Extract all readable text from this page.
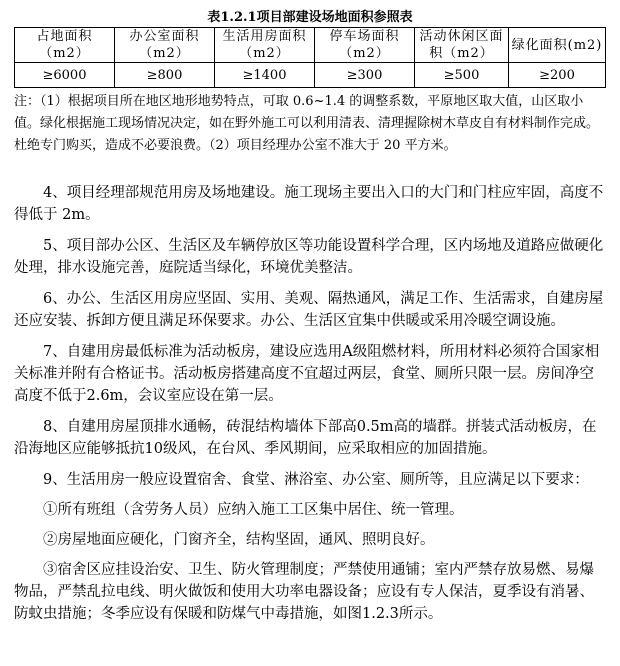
表1.2.1项目部建设场地面积参照表
占地面积（m2）	办公室面积（m2）	生活用房面积（m2）	停车场面积（m2）	活动休闲区面积（m2）	绿化面积(m2)
≥6000	≥800	≥1400	≥300	≥500	≥200

注：（1）根据项目所在地区地形地势特点，可取 0.6~1.4 的调整系数，平原地区取大值，山区取小

值。绿化根据施工现场情况决定，如在野外施工可以利用清表、清理握除树木草皮自有材料制作完成。

杜绝专门购买，造成不必要浪费。（2）项目经理办公室不准大于 20 平方米。

4、项目经理部规范用房及场地建设。施工现场主要出入口的大门和门柱应牢固，高度不得低于 2m。

5、项目部办公区、生活区及车辆停放区等功能设置科学合理，区内场地及道路应做硬化处理，排水设施完善，庭院适当绿化，环境优美整洁。

6、办公、生活区用房应坚固、实用、美观、隔热通风，满足工作、生活需求，自建房屋还应安装、拆卸方便且满足环保要求。办公、生活区宜集中供暖或采用冷暖空调设施。

7、自建用房最低标准为活动板房，建设应选用A级阻燃材料，所用材料必须符合国家相关标准并附有合格证书。活动板房搭建高度不宜超过两层，食堂、厕所只限一层。房间净空高度不低于2.6m，会议室应设在第一层。

8、自建用房屋顶排水通畅，砖混结构墙体下部高0.5m高的墙群。拼装式活动板房，在沿海地区应能够抵抗10级风，在台风、季风期间，应采取相应的加固措施。

9、生活用房一般应设置宿舍、食堂、淋浴室、办公室、厕所等，且应满足以下要求：

①所有班组（含劳务人员）应纳入施工工区集中居住、统一管理。

②房屋地面应硬化，门窗齐全，结构坚固，通风、照明良好。

③宿舍区应挂设治安、卫生、防火管理制度；严禁使用通铺；室内严禁存放易燃、易爆物品，严禁乱拉电线、明火做饭和使用大功率电器设备；应设有专人保洁，夏季设有消暑、防蚊虫措施；冬季应设有保暖和防煤气中毒措施，如图1.2.3所示。
